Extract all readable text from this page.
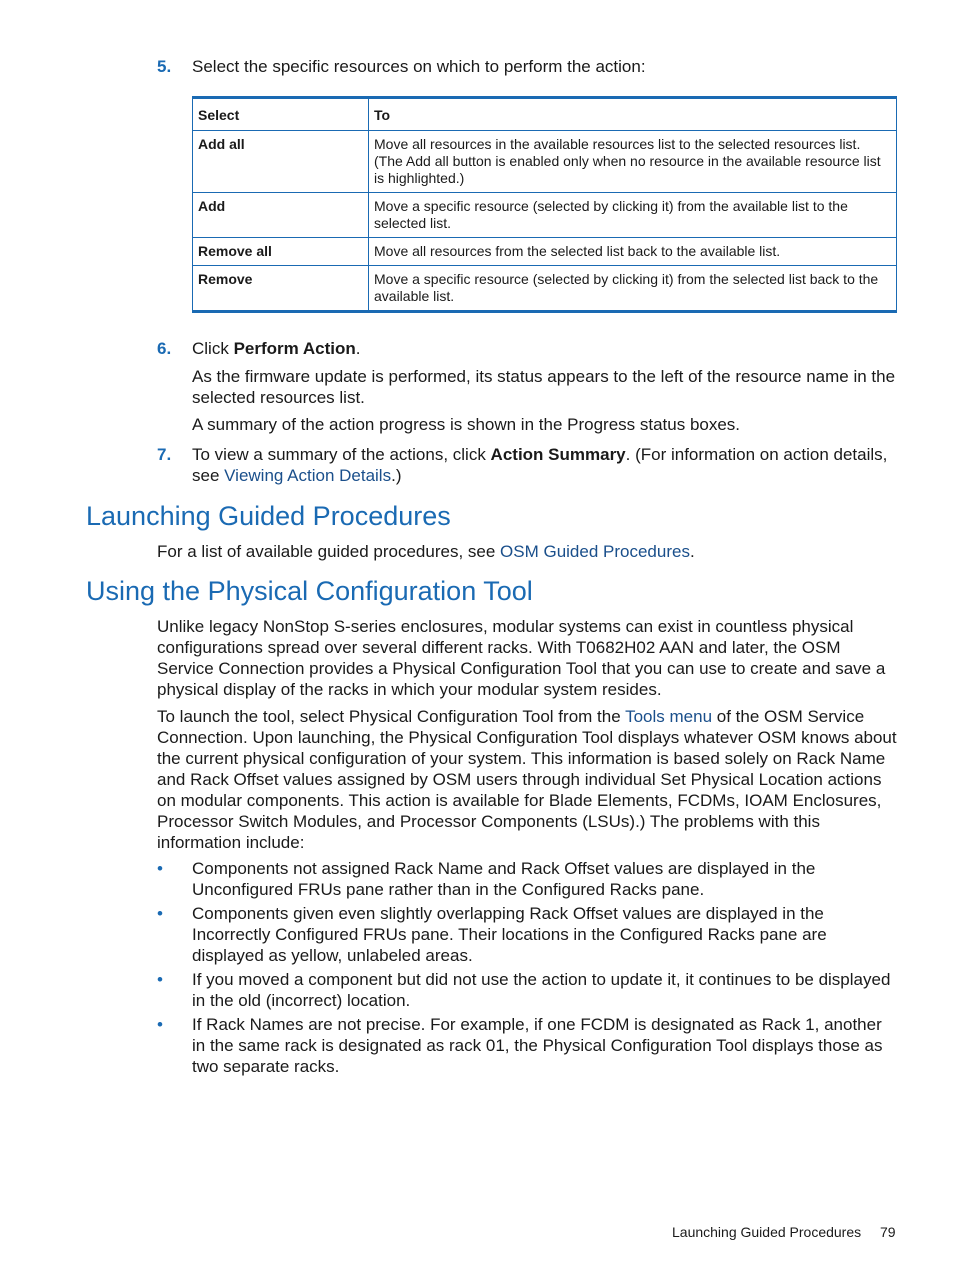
5. Select the specific resources on which to perform the action:
Select	To
Add all	Move all resources in the available resources list to the selected resources list. (The Add all button is enabled only when no resource in the available resource list is highlighted.)
Add	Move a specific resource (selected by clicking it) from the available list to the selected list.
Remove all	Move all resources from the selected list back to the available list.
Remove	Move a specific resource (selected by clicking it) from the selected list back to the available list.
6. Click Perform Action.
As the firmware update is performed, its status appears to the left of the resource name in the selected resources list.
A summary of the action progress is shown in the Progress status boxes.
7. To view a summary of the actions, click Action Summary. (For information on action details, see Viewing Action Details.)
Launching Guided Procedures
For a list of available guided procedures, see OSM Guided Procedures.
Using the Physical Configuration Tool
Unlike legacy NonStop S-series enclosures, modular systems can exist in countless physical configurations spread over several different racks. With T0682H02 AAN and later, the OSM Service Connection provides a Physical Configuration Tool that you can use to create and save a physical display of the racks in which your modular system resides.
To launch the tool, select Physical Configuration Tool from the Tools menu of the OSM Service Connection. Upon launching, the Physical Configuration Tool displays whatever OSM knows about the current physical configuration of your system. This information is based solely on Rack Name and Rack Offset values assigned by OSM users through individual Set Physical Location actions on modular components. This action is available for Blade Elements, FCDMs, IOAM Enclosures, Processor Switch Modules, and Processor Components (LSUs).) The problems with this information include:
• Components not assigned Rack Name and Rack Offset values are displayed in the Unconfigured FRUs pane rather than in the Configured Racks pane.
• Components given even slightly overlapping Rack Offset values are displayed in the Incorrectly Configured FRUs pane. Their locations in the Configured Racks pane are displayed as yellow, unlabeled areas.
• If you moved a component but did not use the action to update it, it continues to be displayed in the old (incorrect) location.
• If Rack Names are not precise. For example, if one FCDM is designated as Rack 1, another in the same rack is designated as rack 01, the Physical Configuration Tool displays those as two separate racks.
Launching Guided Procedures 79
